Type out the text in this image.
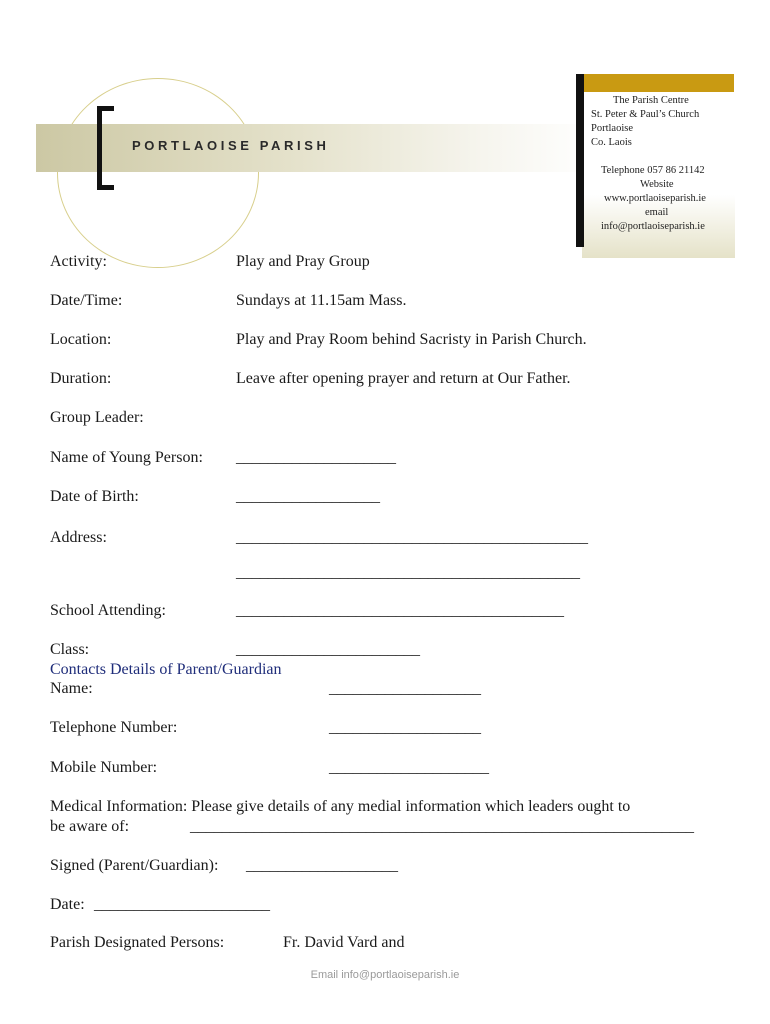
PORTLAOISE PARISH
The Parish Centre
St. Peter & Paul’s Church
Portlaoise
Co. Laois
Telephone 057 86 21142
Website
www.portlaoiseparish.ie
email
info@portlaoiseparish.ie
Activity:	Play and Pray Group
Date/Time:	Sundays at 11.15am Mass.
Location:	Play and Pray Room behind Sacristy in Parish Church.
Duration:	Leave after opening prayer and return at Our Father.
Group Leader:
Name of Young Person: ____________________
Date of Birth:	__________________
Address:	____________________________________________
___________________________________________
School Attending:	_________________________________________
Class:	_______________________
Contacts Details of Parent/Guardian
Name:	___________________
Telephone Number:	___________________
Mobile Number:	____________________
Medical Information: Please give details of any medial information which leaders ought to
be aware of:	_______________________________________________________________
Signed (Parent/Guardian): ___________________
Date: ______________________
Parish Designated Persons:	Fr. David Vard and
Email info@portlaoiseparish.ie
